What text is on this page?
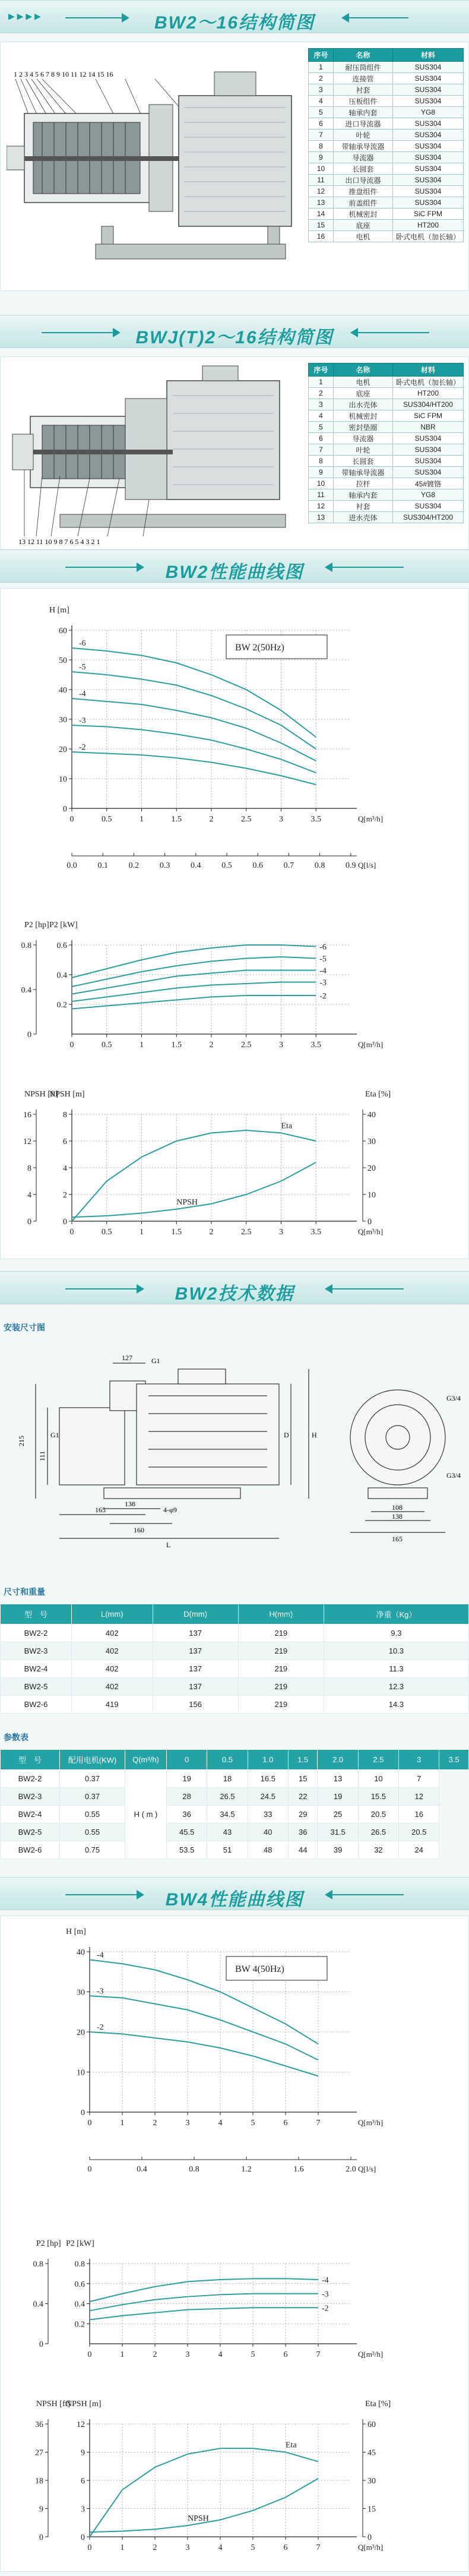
▶ ▶ ▶ ▶	BW2～16结构简图
1 2 3 4 5 6 7 8 9 10 11 12 14 15 16
序号	名称	材料
1	耐压筒组件	SUS304
2	连接管	SUS304
3	衬套	SUS304
4	压板组件	SUS304
5	轴承内套	YG8
6	进口导流器	SUS304
7	叶轮	SUS304
8	带轴承导流器	SUS304
9	导流器	SUS304
10	长圆套	SUS304
11	出口导流器	SUS304
12	推盘组件	SUS304
13	前盖组件	SUS304
14	机械密封	SiC FPM
15	底座	HT200
16	电机	卧式电机（加长轴）
BWJ(T)2～16结构简图
13 12 11 10 9 8 7 6 5 4 3 2 1
序号	名称	材料
1	电机	卧式电机（加长轴）
2	底座	HT200
3	出水壳体	SUS304/HT200
4	机械密封	SiC FPM
5	密封垫圈	NBR
6	导流器	SUS304
7	叶轮	SUS304
8	长圆套	SUS304
9	带轴承导流器	SUS304
10	拉杆	45#镀铬
11	轴承内套	YG8
12	衬套	SUS304
13	进水壳体	SUS304/HT200
BW2性能曲线图
0
10
20
30
40
50
60
0	0.5	1	1.5	2	2.5	3	3.5	Q[m³/h]
H [m]
BW 2(50Hz)
0.0 0.1 0.2 0.3 0.4 0.5 0.6 0.7 0.8 0.9 Q[l/s]
-6
-5
-4
-3
-2
0.2
0.4
0.6
0	0.5	1	1.5	2	2.5	3	3.5	Q[m³/h]
P2 [kW]
P2 [hp]
0
0.4
0.8	-6
-5
-4
-3
-2
0
2
4
6
8
0	0.5	1	1.5	2	2.5	3	3.5	Q[m³/h]
NPSH [m]
NPSH [ft]
0
4
8
12
16
Eta [%]
0
10
20
30
40
Eta
NPSH
BW2技术数据
安装尺寸图
127	G1
G1
215
111
165
138
4-φ9
160
L
D	H
G3/4
G3/4
108
138
165
尺寸和重量
型　号	L(mm)	D(mm)	H(mm)	净重（Kg）
BW2-2	402	137	219	9.3
BW2-3	402	137	219	10.3
BW2-4	402	137	219	11.3
BW2-5	402	137	219	12.3
BW2-6	419	156	219	14.3
参数表
型　号	配用电机(KW)	Q(m³/h)	0	0.5	1.0	1.5	2.0	2.5	3	3.5
BW2-2	0.37	H ( m )	19	18	16.5	15	13	10	7	
BW2-3	0.37		28	26.5	24.5	22	19	15.5	12	
BW2-4	0.55		36	34.5	33	29	25	20.5	16	
BW2-5	0.55		45.5	43	40	36	31.5	26.5	20.5	
BW2-6	0.75		53.5	51	48	44	39	32	24	
BW4性能曲线图
0
10
20
30
40
0	1	2	3	4	5	6	7	Q[m³/h]
H [m]
BW 4(50Hz)
0	0.4	0.8	1.2	1.6	2.0 Q[l/s]
-4
-3
-2
0.2
0.4
0.6
0.8
0	1	2	3	4	5	6	7	Q[m³/h]
P2 [kW]
P2 [hp]
0
0.4
0.8
-4
-3
-2
0
3
6
9
12
0	1	2	3	4	5	6	7	Q[m³/h]
NPSH [m]
NPSH [ft]
0
9
18
27
36
Eta [%]
0
15
30
45
60
Eta
NPSH
